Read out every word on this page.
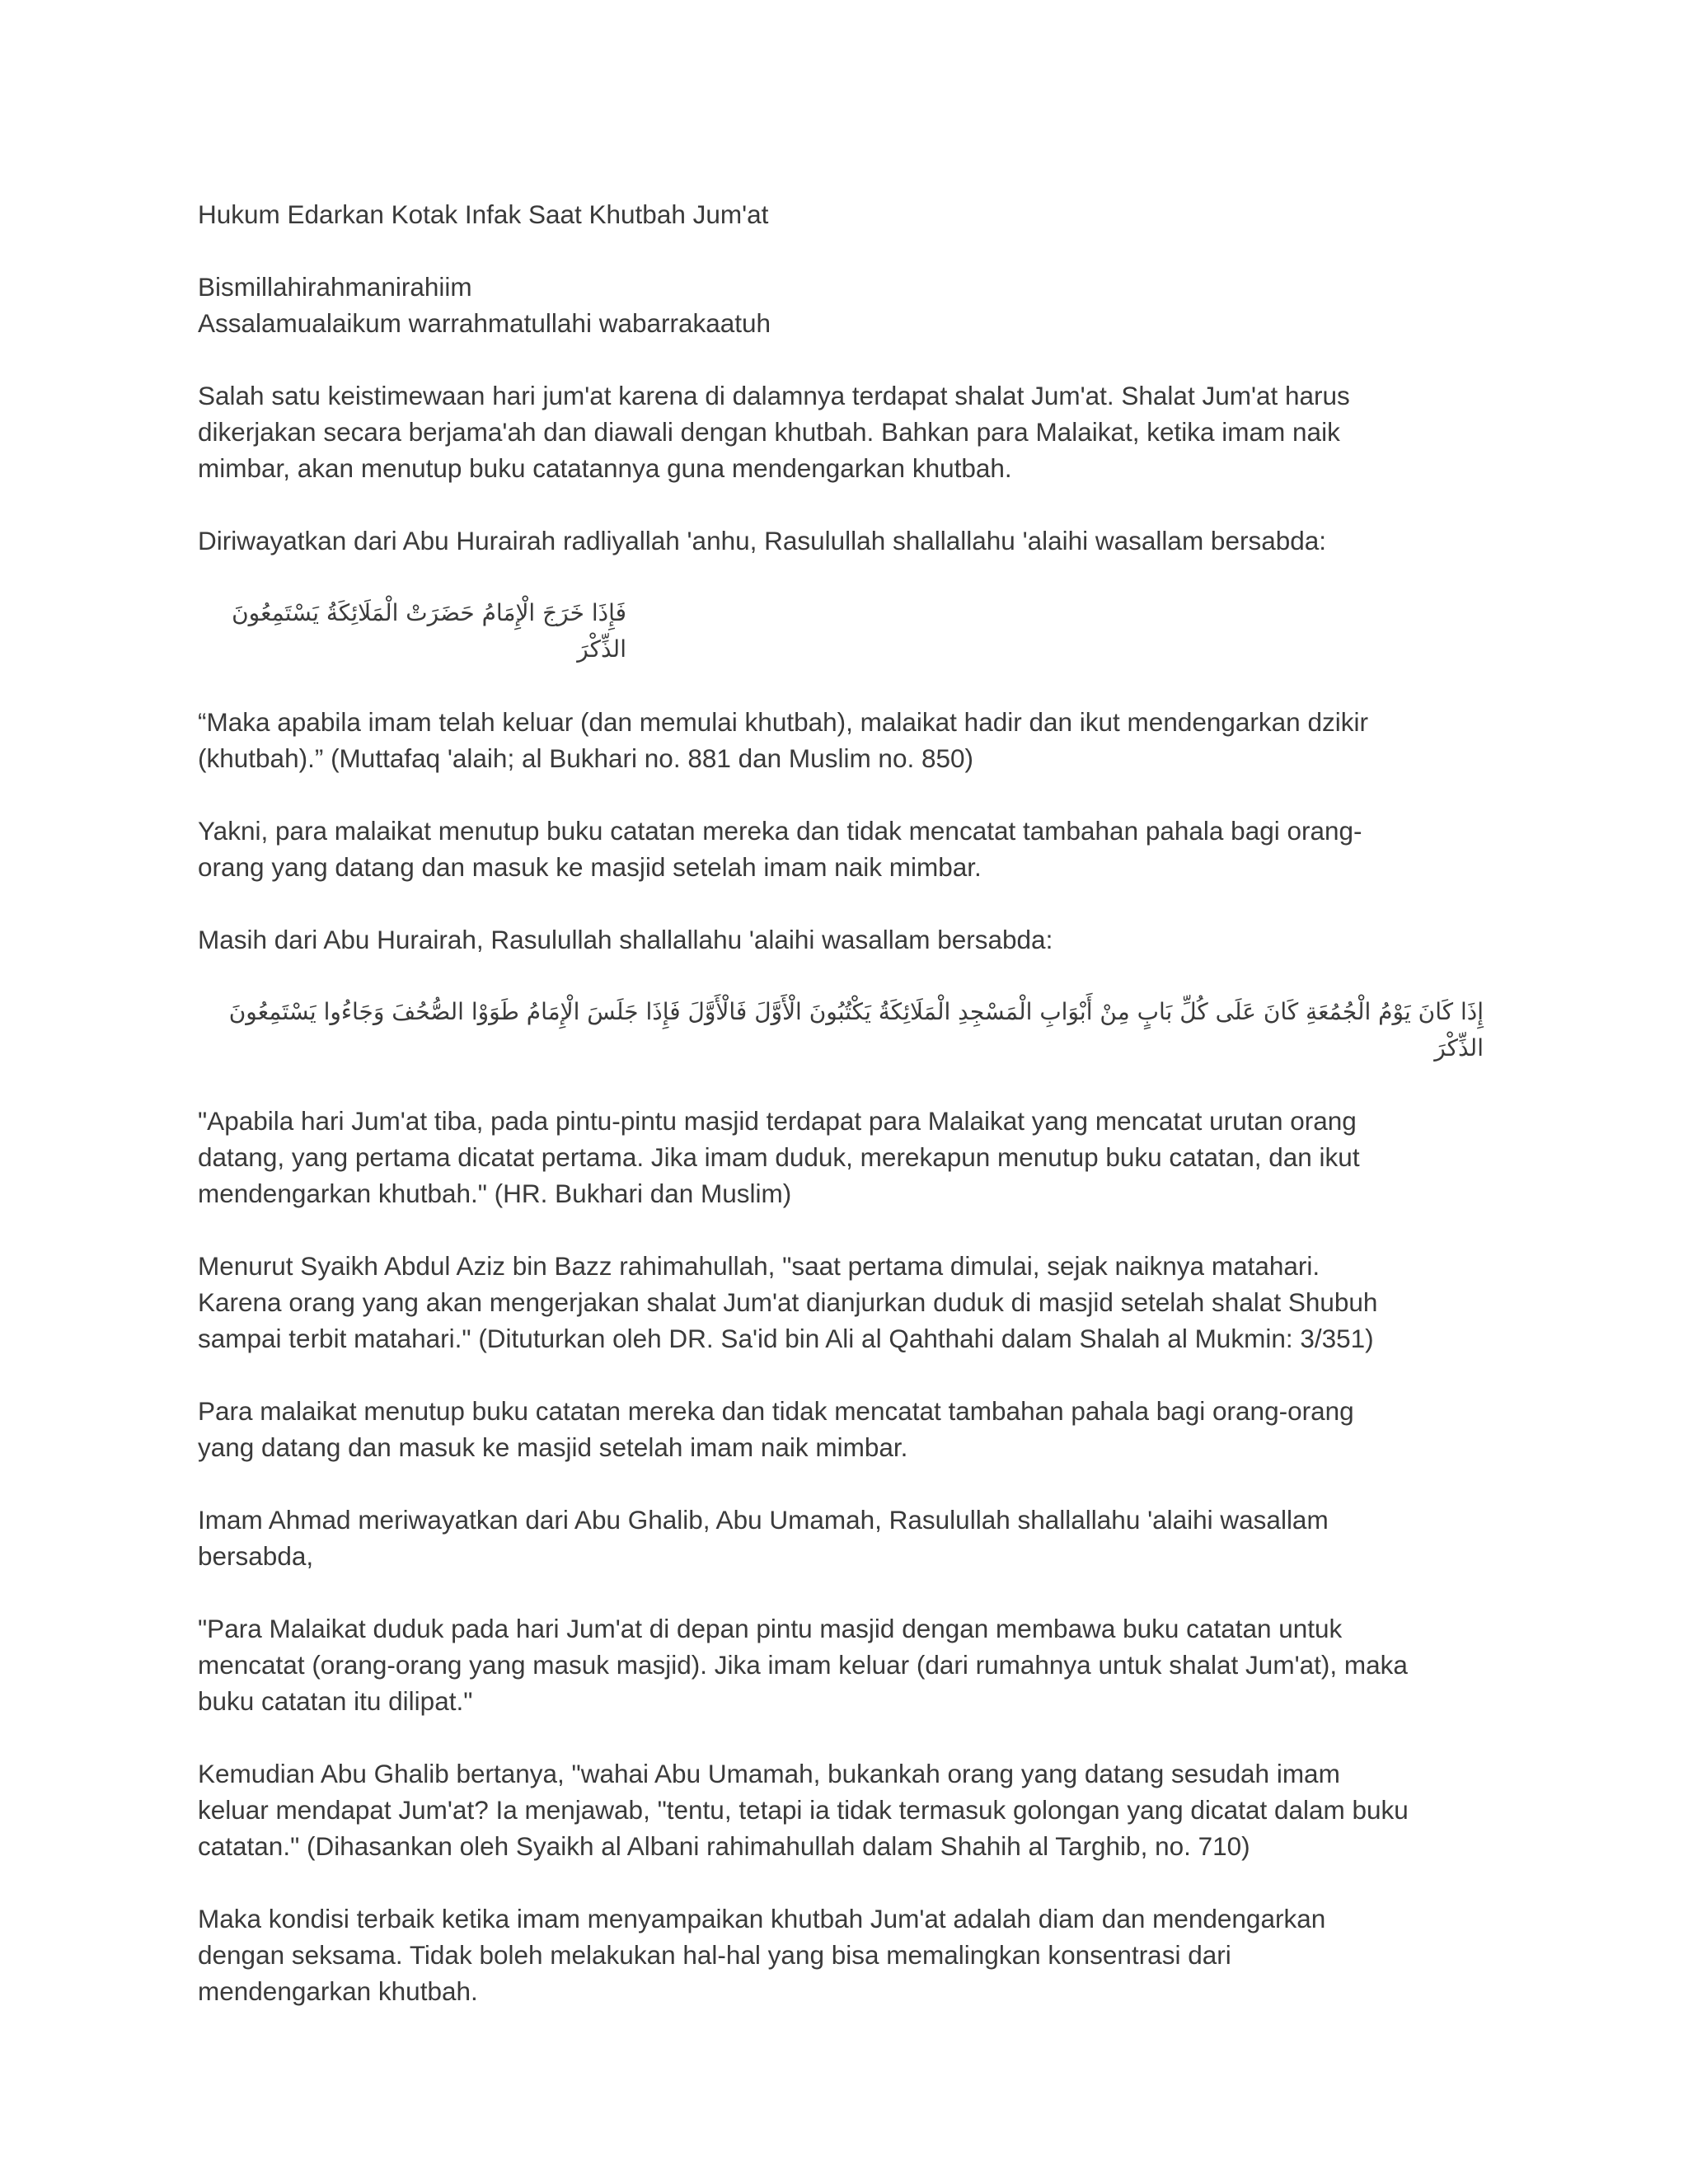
Hukum Edarkan Kotak Infak Saat Khutbah Jum'at

Bismillahirahmanirahiim

Assalamualaikum warrahmatullahi wabarrakaatuh

Salah satu keistimewaan hari jum'at karena di dalamnya terdapat shalat Jum'at. Shalat Jum'at harus
dikerjakan secara berjama'ah dan diawali dengan khutbah. Bahkan para Malaikat, ketika imam naik
mimbar, akan menutup buku catatannya guna mendengarkan khutbah.

Diriwayatkan dari Abu Hurairah radliyallah 'anhu, Rasulullah shallallahu 'alaihi wasallam bersabda:

فَإِذَا خَرَجَ الْإِمَامُ حَضَرَتْ الْمَلَائِكَةُ يَسْتَمِعُونَ الذِّكْرَ

“Maka apabila imam telah keluar (dan memulai khutbah), malaikat hadir dan ikut mendengarkan dzikir
(khutbah).” (Muttafaq 'alaih; al Bukhari no. 881 dan Muslim no. 850)

Yakni, para malaikat menutup buku catatan mereka dan tidak mencatat tambahan pahala bagi orang-
orang yang datang dan masuk ke masjid setelah imam naik mimbar.

Masih dari Abu Hurairah, Rasulullah shallallahu 'alaihi wasallam bersabda:

إِذَا كَانَ يَوْمُ الْجُمُعَةِ كَانَ عَلَى كُلِّ بَابٍ مِنْ أَبْوَابِ الْمَسْجِدِ الْمَلَائِكَةُ يَكْتُبُونَ الْأَوَّلَ فَالْأَوَّلَ فَإِذَا جَلَسَ الْإِمَامُ طَوَوْا الصُّحُفَ وَجَاءُوا يَسْتَمِعُونَ الذِّكْرَ

"Apabila hari Jum'at tiba, pada pintu-pintu masjid terdapat para Malaikat yang mencatat urutan orang
datang, yang pertama dicatat pertama. Jika imam duduk, merekapun menutup buku catatan, dan ikut
mendengarkan khutbah." (HR. Bukhari dan Muslim)

Menurut Syaikh Abdul Aziz bin Bazz rahimahullah, "saat pertama dimulai, sejak naiknya matahari.
Karena orang yang akan mengerjakan shalat Jum'at dianjurkan duduk di masjid setelah shalat Shubuh
sampai terbit matahari." (Dituturkan oleh DR. Sa'id bin Ali al Qahthahi dalam Shalah al Mukmin: 3/351)

Para malaikat menutup buku catatan mereka dan tidak mencatat tambahan pahala bagi orang-orang
yang datang dan masuk ke masjid setelah imam naik mimbar.

Imam Ahmad meriwayatkan dari Abu Ghalib, Abu Umamah, Rasulullah shallallahu 'alaihi wasallam
bersabda,

"Para Malaikat duduk pada hari Jum'at di depan pintu masjid dengan membawa buku catatan untuk
mencatat (orang-orang yang masuk masjid). Jika imam keluar (dari rumahnya untuk shalat Jum'at), maka
buku catatan itu dilipat."

Kemudian Abu Ghalib bertanya, "wahai Abu Umamah, bukankah orang yang datang sesudah imam
keluar mendapat Jum'at? Ia menjawab, "tentu, tetapi ia tidak termasuk golongan yang dicatat dalam buku
catatan." (Dihasankan oleh Syaikh al Albani rahimahullah dalam Shahih al Targhib, no. 710)

Maka kondisi terbaik ketika imam menyampaikan khutbah Jum'at adalah diam dan mendengarkan
dengan seksama. Tidak boleh melakukan hal-hal yang bisa memalingkan konsentrasi dari
mendengarkan khutbah.
